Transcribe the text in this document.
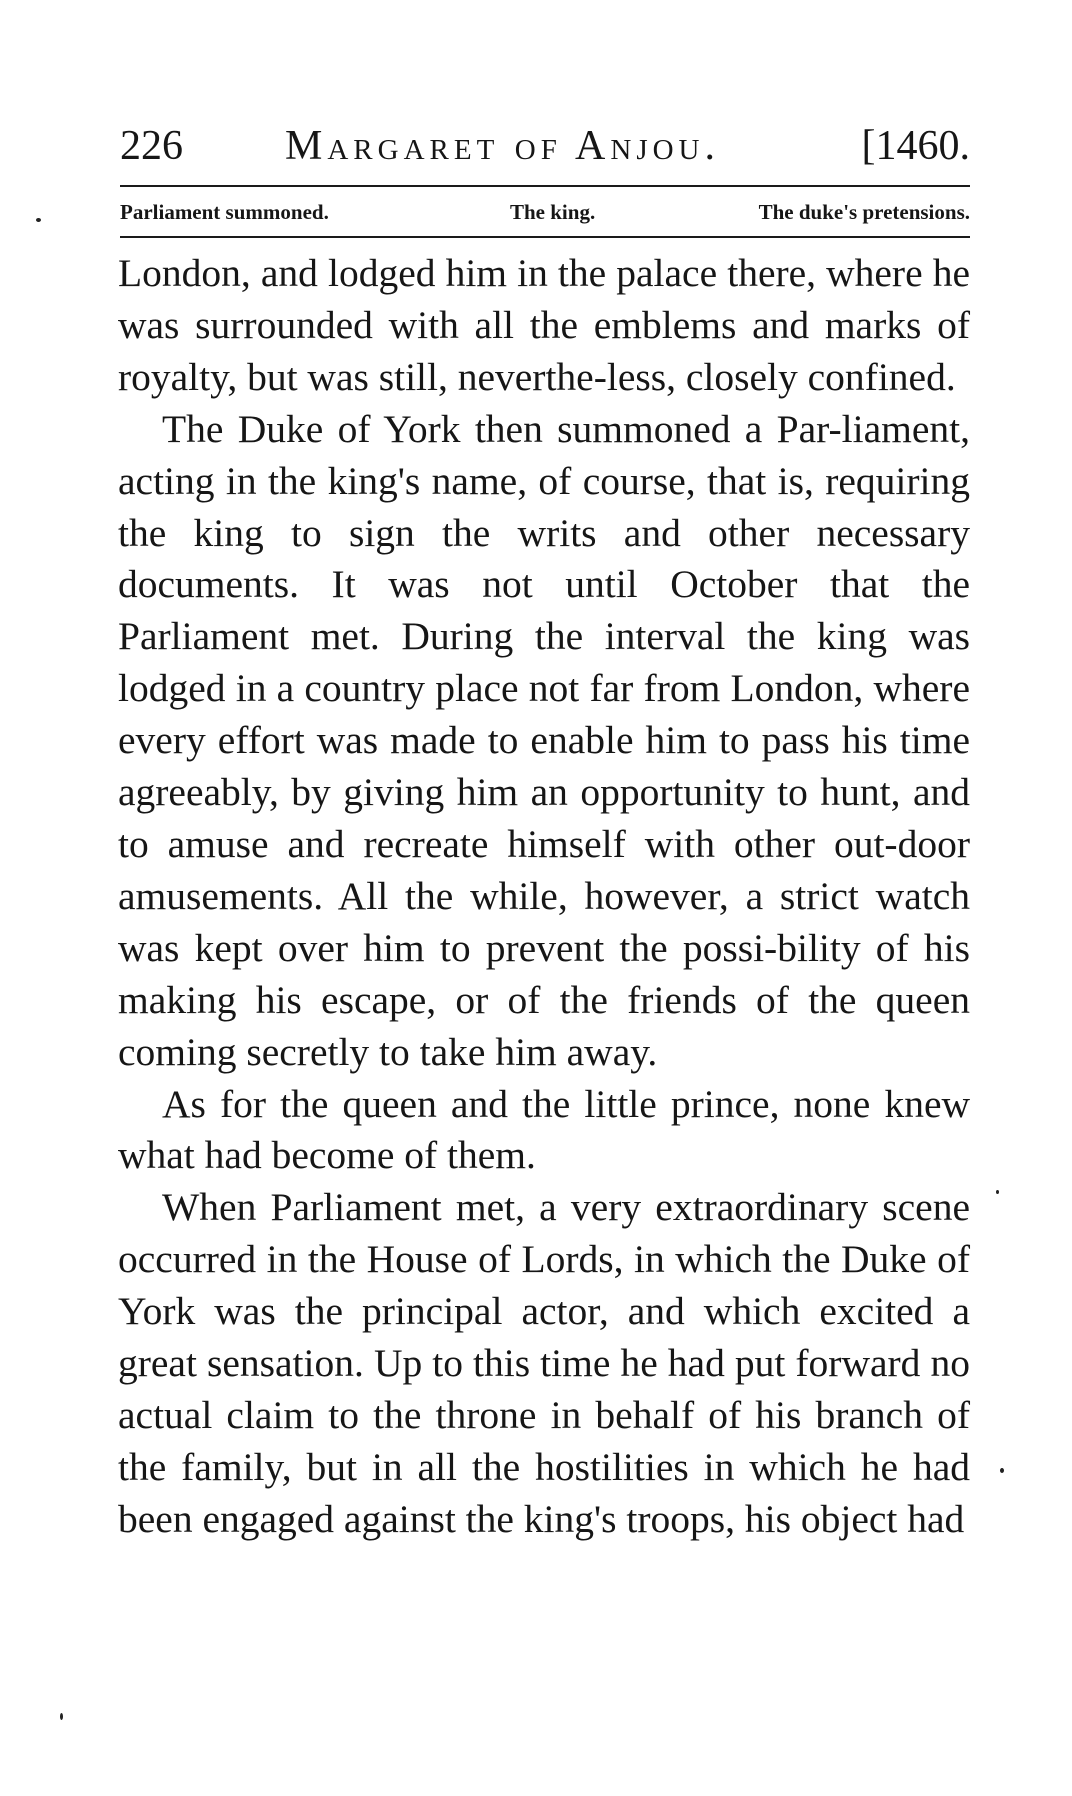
226 Margaret of Anjou.	[1460.
Parliament summoned.	The king.	The duke's pretensions.

London, and lodged him in the palace there, where he was surrounded with all the emblems and marks of royalty, but was still, neverthe-less, closely confined.

The Duke of York then summoned a Par-liament, acting in the king's name, of course, that is, requiring the king to sign the writs and other necessary documents. It was not until October that the Parliament met. During the interval the king was lodged in a country place not far from London, where every effort was made to enable him to pass his time agreeably, by giving him an opportunity to hunt, and to amuse and recreate himself with other out-door amusements. All the while, however, a strict watch was kept over him to prevent the possi-bility of his making his escape, or of the friends of the queen coming secretly to take him away.

As for the queen and the little prince, none knew what had become of them.

When Parliament met, a very extraordinary scene occurred in the House of Lords, in which the Duke of York was the principal actor, and which excited a great sensation. Up to this time he had put forward no actual claim to the throne in behalf of his branch of the family, but in all the hostilities in which he had been engaged against the king's troops, his object had
